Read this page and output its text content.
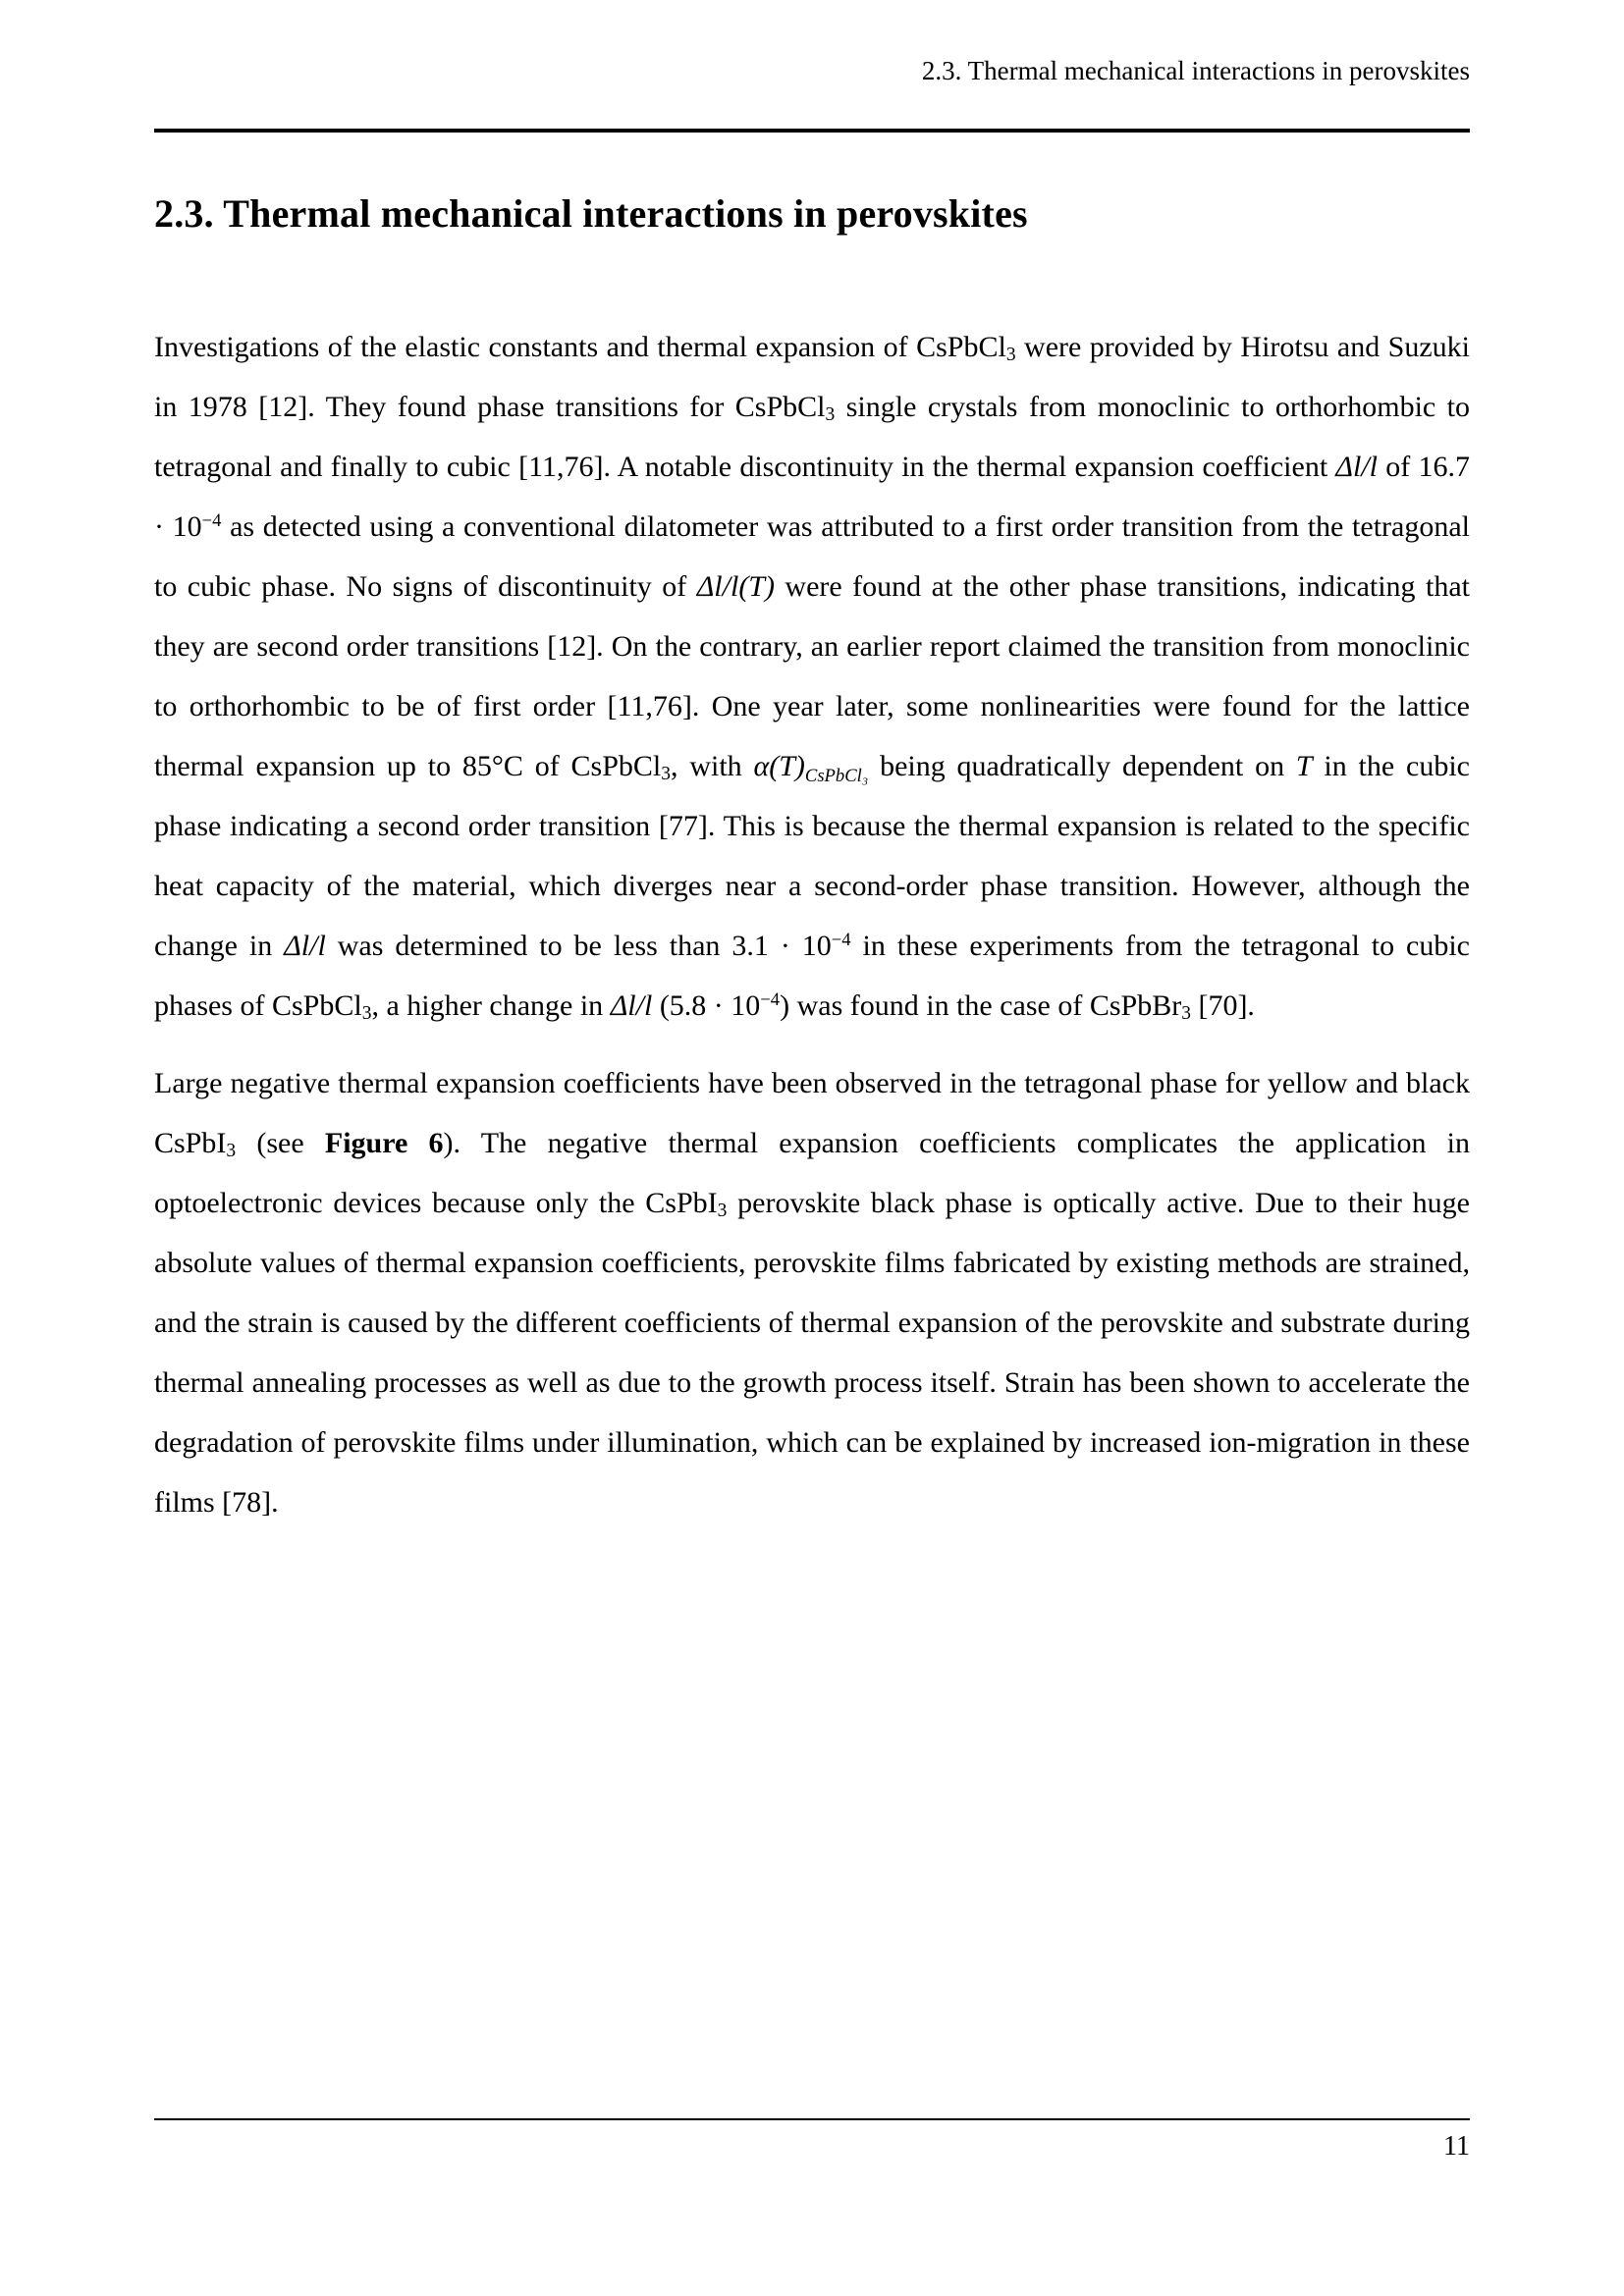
2.3. Thermal mechanical interactions in perovskites
2.3. Thermal mechanical interactions in perovskites

Investigations of the elastic constants and thermal expansion of CsPbCl3 were provided by Hirotsu and Suzuki in 1978 [12]. They found phase transitions for CsPbCl3 single crystals from monoclinic to orthorhombic to tetragonal and finally to cubic [11,76]. A notable discontinuity in the thermal expansion coefficient Δl/l of $16.7 \cdot 10^{-4}$ as detected using a conventional dilatometer was attributed to a first order transition from the tetragonal to cubic phase. No signs of discontinuity of Δl/l(T) were found at the other phase transitions, indicating that they are second order transitions [12]. On the contrary, an earlier report claimed the transition from monoclinic to orthorhombic to be of first order [11,76]. One year later, some nonlinearities were found for the lattice thermal expansion up to 85°C of CsPbCl3, with α(T)CsPbCl₃ being quadratically dependent on T in the cubic phase indicating a second order transition [77]. This is because the thermal expansion is related to the specific heat capacity of the material, which diverges near a second-order phase transition. However, although the change in Δl/l was determined to be less than $3.1 \cdot 10^{-4}$ in these experiments from the tetragonal to cubic phases of CsPbCl3, a higher change in Δl/l $(5.8 \cdot 10^{-4})$ was found in the case of CsPbBr3 [70].

Large negative thermal expansion coefficients have been observed in the tetragonal phase for yellow and black CsPbI3 (see Figure 6). The negative thermal expansion coefficients complicates the application in optoelectronic devices because only the CsPbI3 perovskite black phase is optically active. Due to their huge absolute values of thermal expansion coefficients, perovskite films fabricated by existing methods are strained, and the strain is caused by the different coefficients of thermal expansion of the perovskite and substrate during thermal annealing processes as well as due to the growth process itself. Strain has been shown to accelerate the degradation of perovskite films under illumination, which can be explained by increased ion-migration in these films [78].

11
